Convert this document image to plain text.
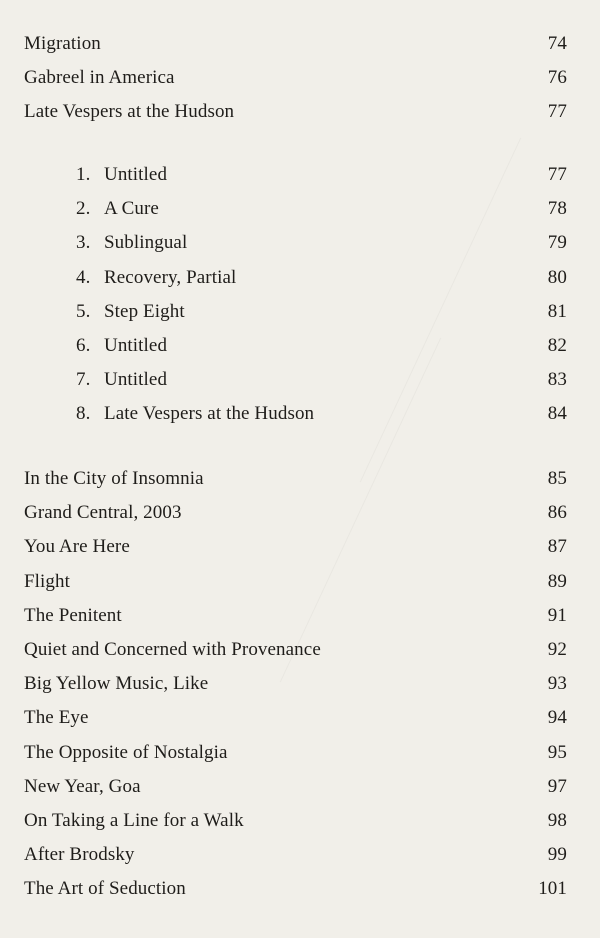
Migration	74
Gabreel in America	76
Late Vespers at the Hudson	77
1. Untitled	77
2. A Cure	78
3. Sublingual	79
4. Recovery, Partial	80
5. Step Eight	81
6. Untitled	82
7. Untitled	83
8. Late Vespers at the Hudson	84
In the City of Insomnia	85
Grand Central, 2003	86
You Are Here	87
Flight	89
The Penitent	91
Quiet and Concerned with Provenance	92
Big Yellow Music, Like	93
The Eye	94
The Opposite of Nostalgia	95
New Year, Goa	97
On Taking a Line for a Walk	98
After Brodsky	99
The Art of Seduction	101
